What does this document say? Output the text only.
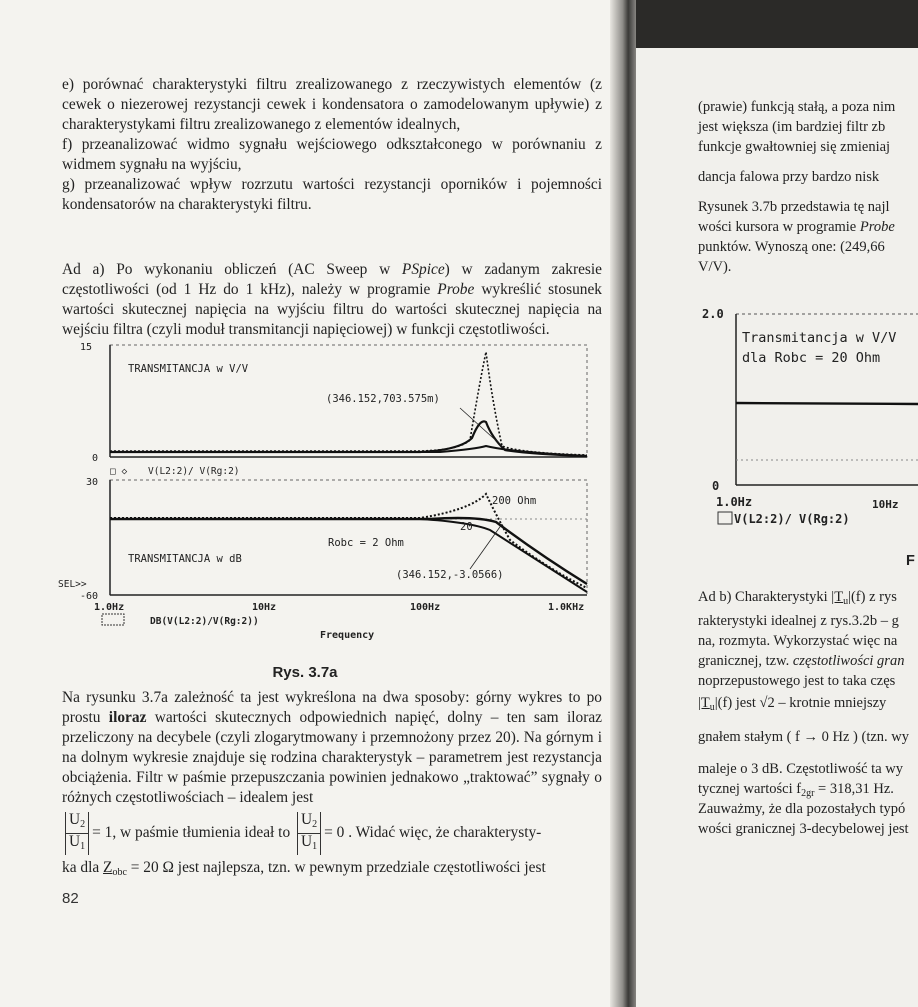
e) porównać charakterystyki filtru zrealizowanego z rzeczywistych elementów (z cewek o niezerowej rezystancji cewek i kondensatora o zamodelowanym upływie) z charakterystykami filtru zrealizowanego z elementów idealnych,

f) przeanalizować widmo sygnału wejściowego odkształconego w porównaniu z widmem sygnału na wyjściu,

g) przeanalizować wpływ rozrzutu wartości rezystancji oporników i pojemności kondensatorów na charakterystyki filtru.

Ad a) Po wykonaniu obliczeń (AC Sweep w PSpice) w zadanym zakresie częstotliwości (od 1 Hz do 1 kHz), należy w programie Probe wykreślić stosunek wartości skutecznej napięcia na wyjściu filtru do wartości skutecznej napięcia na wejściu filtra (czyli moduł transmitancji napięciowej) w funkcji częstotliwości.
15
0
TRANSMITANCJA w V/V
(346.152,703.575m)
□ ◇ V(L2:2)/ V(Rg:2)
30
-60
200 Ohm
20
Robc = 2 Ohm
TRANSMITANCJA w dB
(346.152,-3.0566)
SEL>>
1.0Hz	10Hz	100Hz	1.0KHz
DB(V(L2:2)/V(Rg:2))
Frequency
Rys. 3.7a
Na rysunku 3.7a zależność ta jest wykreślona na dwa sposoby: górny wykres to po prostu iloraz wartości skutecznych odpowiednich napięć, dolny – ten sam iloraz przeliczony na decybele (czyli zlogarytmowany i przemnożony przez 20). Na górnym i na dolnym wykresie znajduje się rodzina charakterystyk – parametrem jest rezystancja obciążenia. Filtr w paśmie przepuszczania powinien jednakowo „traktować” sygnały o różnych częstotliwościach – idealem jest
$\frac{U_2}{U_1} = 1$, w paśmie tłumienia ideał to $\frac{U_2}{U_1} = 0$ . Widać więc, że charakterysty-
ka dla $Z_{obc} = 20$ Ω jest najlepsza, tzn. w pewnym przedziale częstotliwości jest
82
(prawie) funkcją stałą, a poza nim
jest większa (im bardziej filtr zb
funkcje gwałtowniej się zmieniaj
dancja falowa przy bardzo nisk
Rysunek 3.7b przedstawia tę najl
wości kursora w programie Probe
punktów. Wynoszą one: (249,66
V/V).
2.0
Transmitancja w V/V
dla Robc = 20 Ohm
0
1.0Hz	10Hz
V(L2:2)/ V(Rg:2)
F
Ad b) Charakterystyki $|T_u|(f)$ z rys
rakterystyki idealnej z rys.3.2b – g
na, rozmyta. Wykorzystać więc na
granicznej, tzw. częstotliwości gran
noprzepustowego jest to taka częs
$|T_u|(f)$ jest √2 – krotnie mniejszy
gnałem stałym ( f → 0 Hz ) (tzn. wy
maleje o 3 dB. Częstotliwość ta wy
tycznej wartości $f_{2gr} = 318,31$ Hz.
Zauważmy, że dla pozostałych typó
wości granicznej 3-decybelowej jest
